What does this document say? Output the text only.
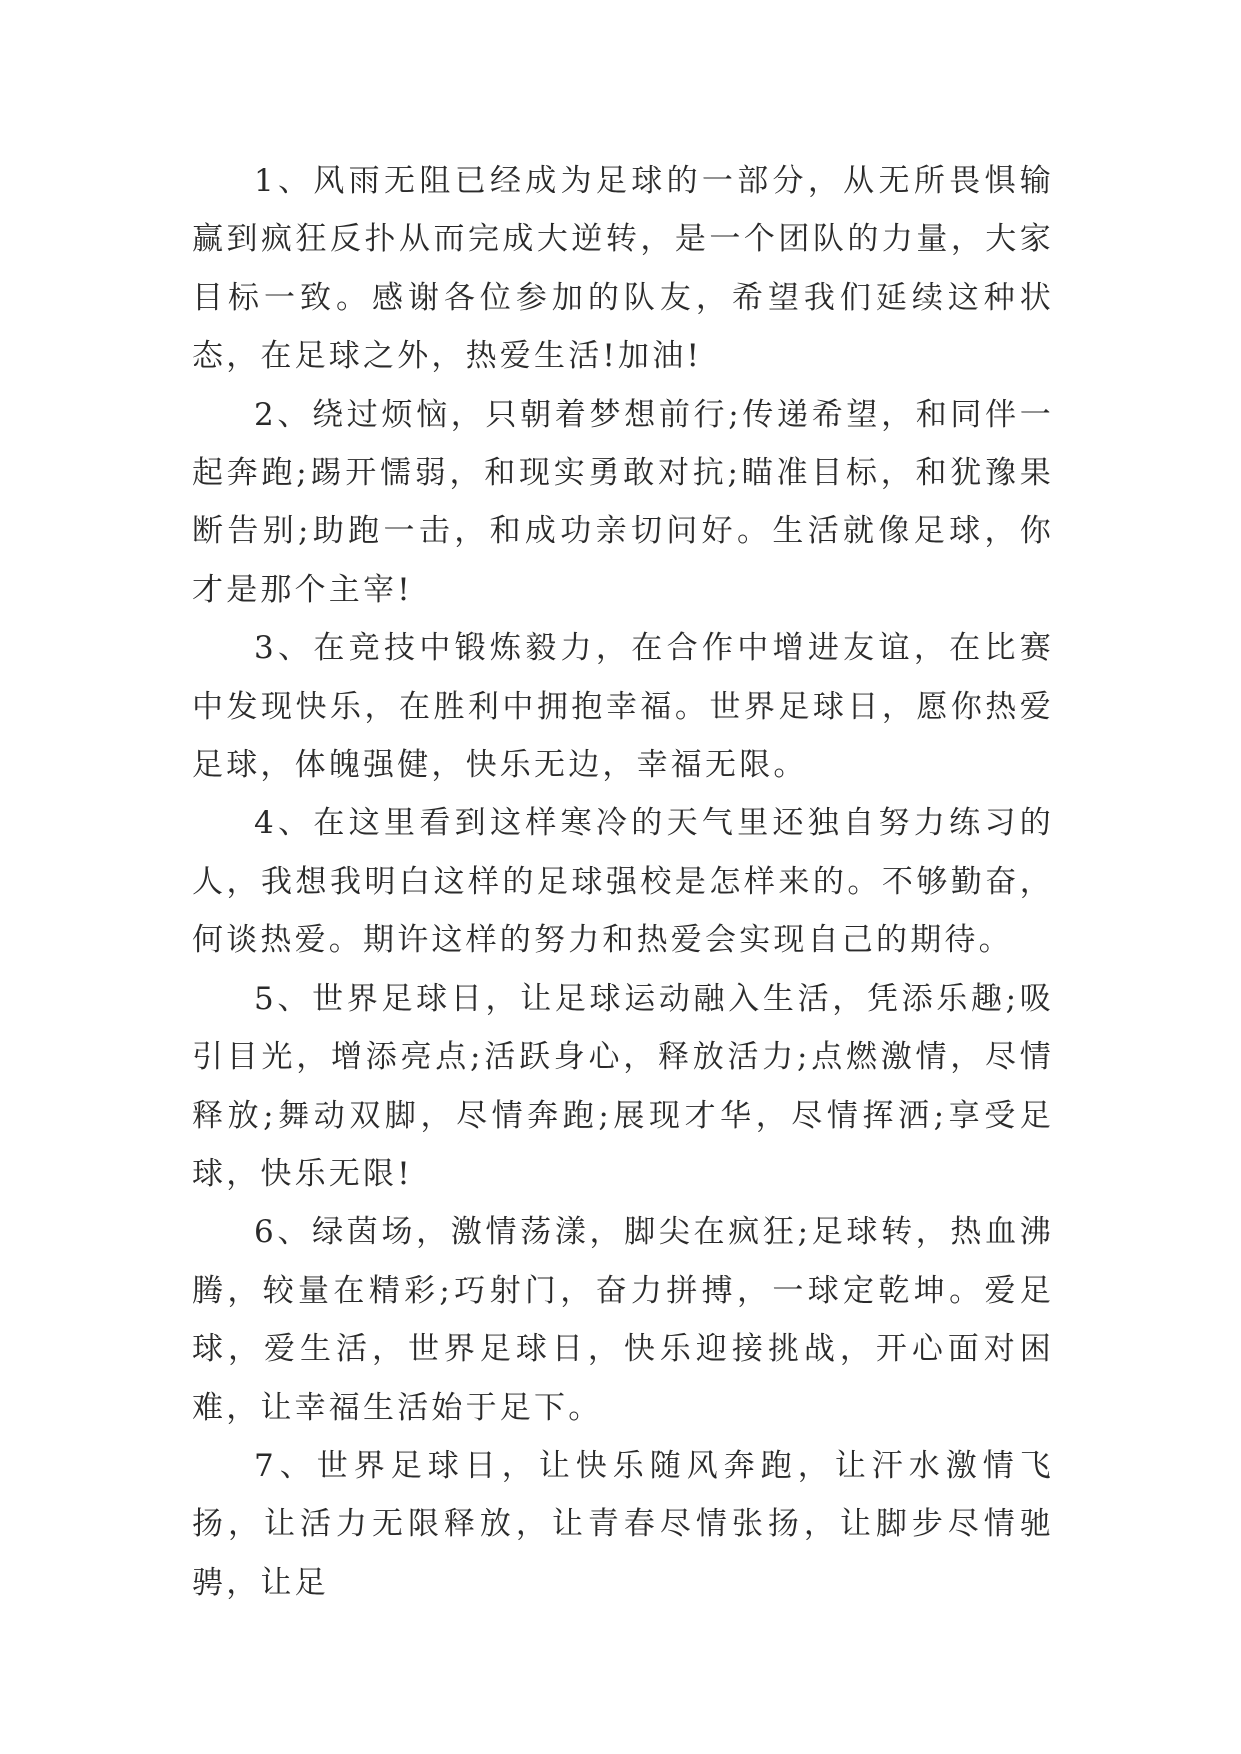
1、风雨无阻已经成为足球的一部分，从无所畏惧输赢到疯狂反扑从而完成大逆转，是一个团队的力量，大家目标一致。感谢各位参加的队友，希望我们延续这种状态，在足球之外，热爱生活!加油!

2、绕过烦恼，只朝着梦想前行;传递希望，和同伴一起奔跑;踢开懦弱，和现实勇敢对抗;瞄准目标，和犹豫果断告别;助跑一击，和成功亲切问好。生活就像足球，你才是那个主宰!

3、在竞技中锻炼毅力，在合作中增进友谊，在比赛中发现快乐，在胜利中拥抱幸福。世界足球日，愿你热爱足球，体魄强健，快乐无边，幸福无限。

4、在这里看到这样寒冷的天气里还独自努力练习的人，我想我明白这样的足球强校是怎样来的。不够勤奋，何谈热爱。期许这样的努力和热爱会实现自己的期待。

5、世界足球日，让足球运动融入生活，凭添乐趣;吸引目光，增添亮点;活跃身心，释放活力;点燃激情，尽情释放;舞动双脚，尽情奔跑;展现才华，尽情挥洒;享受足球，快乐无限!

6、绿茵场，激情荡漾，脚尖在疯狂;足球转，热血沸腾，较量在精彩;巧射门，奋力拼搏，一球定乾坤。爱足球，爱生活，世界足球日，快乐迎接挑战，开心面对困难，让幸福生活始于足下。

7、世界足球日，让快乐随风奔跑，让汗水激情飞扬，让活力无限释放，让青春尽情张扬，让脚步尽情驰骋，让足
